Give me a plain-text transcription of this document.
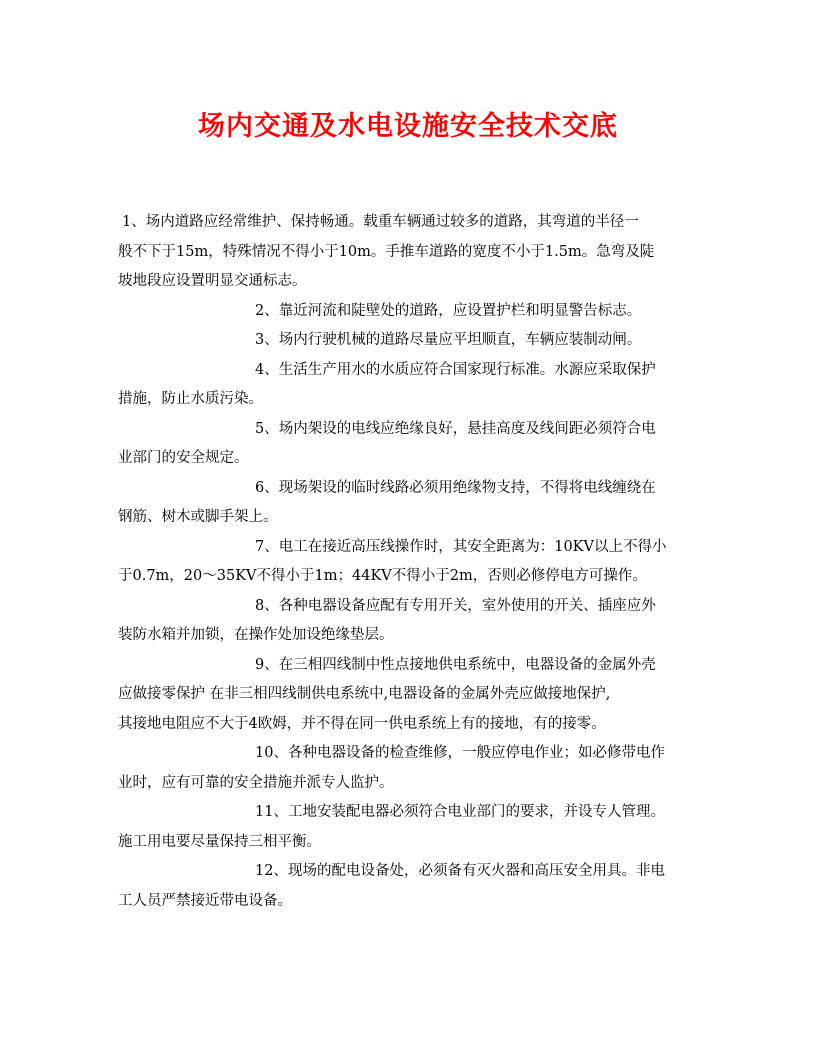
场内交通及水电设施安全技术交底

1、场内道路应经常维护、保持畅通。载重车辆通过较多的道路，其弯道的半径一
般不下于15m，特殊情况不得小于10m。手推车道路的宽度不小于1.5m。急弯及陡
坡地段应设置明显交通标志。

2、靠近河流和陡壁处的道路，应设置护栏和明显警告标志。

3、场内行驶机械的道路尽量应平坦顺直，车辆应装制动闸。

4、生活生产用水的水质应符合国家现行标准。水源应采取保护
措施，防止水质污染。

5、场内架设的电线应绝缘良好，悬挂高度及线间距必须符合电
业部门的安全规定。

6、现场架设的临时线路必须用绝缘物支持，不得将电线缠绕在
钢筋、树木或脚手架上。

7、电工在接近高压线操作时，其安全距离为：10KV以上不得小
于0.7m，20～35KV不得小于1m；44KV不得小于2m，否则必修停电方可操作。

8、各种电器设备应配有专用开关，室外使用的开关、插座应外
装防水箱并加锁，在操作处加设绝缘垫层。

9、在三相四线制中性点接地供电系统中，电器设备的金属外壳
应做接零保护 在非三相四线制供电系统中,电器设备的金属外壳应做接地保护,
其接地电阻应不大于4欧姆，并不得在同一供电系统上有的接地，有的接零。

10、各种电器设备的检查维修，一般应停电作业；如必修带电作
业时，应有可靠的安全措施并派专人监护。

11、工地安装配电器必须符合电业部门的要求，并设专人管理。
施工用电要尽量保持三相平衡。

12、现场的配电设备处，必须备有灭火器和高压安全用具。非电
工人员严禁接近带电设备。
